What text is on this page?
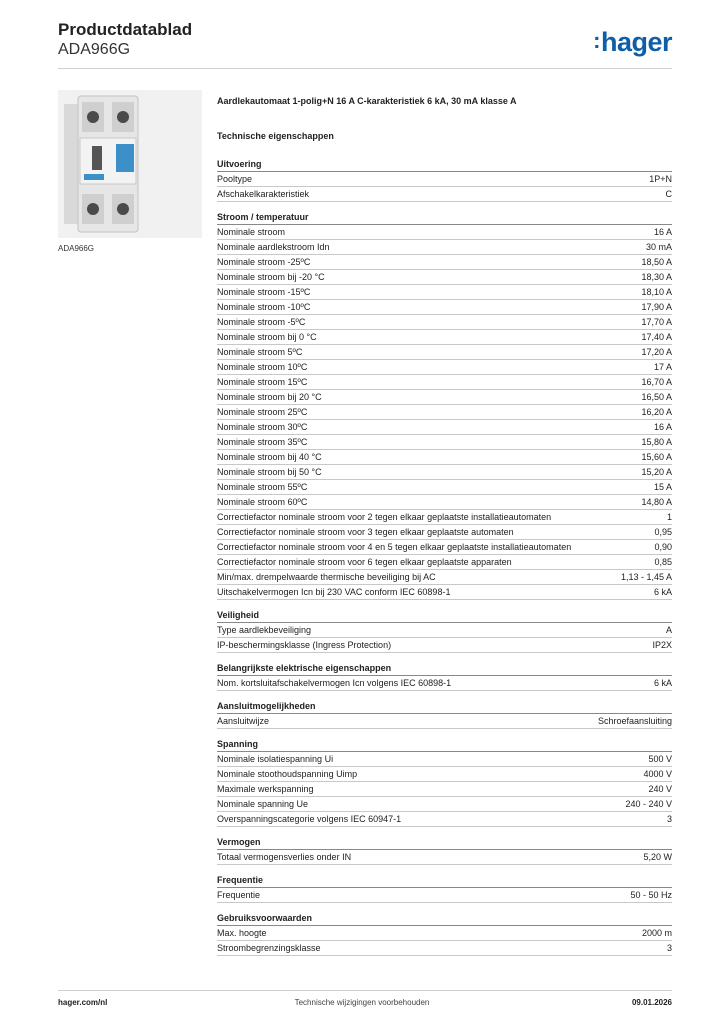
Productdatablad
ADA966G	:hager
ADA966G
Aardlekautomaat 1-polig+N 16 A C-karakteristiek 6 kA, 30 mA klasse A
Technische eigenschappen
Uitvoering
Pooltype	1P+N
Afschakelkarakteristiek	C
Stroom / temperatuur
Nominale stroom	16 A
Nominale aardlekstroom Idn	30 mA
Nominale stroom -25ºC	18,50 A
Nominale stroom bij -20 °C	18,30 A
Nominale stroom -15ºC	18,10 A
Nominale stroom -10ºC	17,90 A
Nominale stroom -5ºC	17,70 A
Nominale stroom bij 0 °C	17,40 A
Nominale stroom 5ºC	17,20 A
Nominale stroom 10ºC	17 A
Nominale stroom 15ºC	16,70 A
Nominale stroom bij 20 °C	16,50 A
Nominale stroom 25ºC	16,20 A
Nominale stroom 30ºC	16 A
Nominale stroom 35ºC	15,80 A
Nominale stroom bij 40 °C	15,60 A
Nominale stroom bij 50 °C	15,20 A
Nominale stroom 55ºC	15 A
Nominale stroom 60ºC	14,80 A
Correctiefactor nominale stroom voor 2 tegen elkaar geplaatste installatieautomaten	1
Correctiefactor nominale stroom voor 3 tegen elkaar geplaatste automaten	0,95
Correctiefactor nominale stroom voor 4 en 5 tegen elkaar geplaatste installatieautomaten	0,90
Correctiefactor nominale stroom voor 6 tegen elkaar geplaatste apparaten	0,85
Min/max. drempelwaarde thermische beveiliging bij AC	1,13 - 1,45 A
Uitschakelvermogen Icn bij 230 VAC conform IEC 60898-1	6 kA
Veiligheid
Type aardlekbeveiliging	A
IP-beschermingsklasse (Ingress Protection)	IP2X
Belangrijkste elektrische eigenschappen
Nom. kortsluitafschakelvermogen Icn volgens IEC 60898-1	6 kA
Aansluitmogelijkheden
Aansluitwijze	Schroefaansluiting
Spanning
Nominale isolatiespanning Ui	500 V
Nominale stoothoudspanning Uimp	4000 V
Maximale werkspanning	240 V
Nominale spanning Ue	240 - 240 V
Overspanningscategorie volgens IEC 60947-1	3
Vermogen
Totaal vermogensverlies onder IN	5,20 W
Frequentie
Frequentie	50 - 50 Hz
Gebruiksvoorwaarden
Max. hoogte	2000 m
Stroombegrenzingsklasse	3
hager.com/nl	Technische wijzigingen voorbehouden	09.01.2026
